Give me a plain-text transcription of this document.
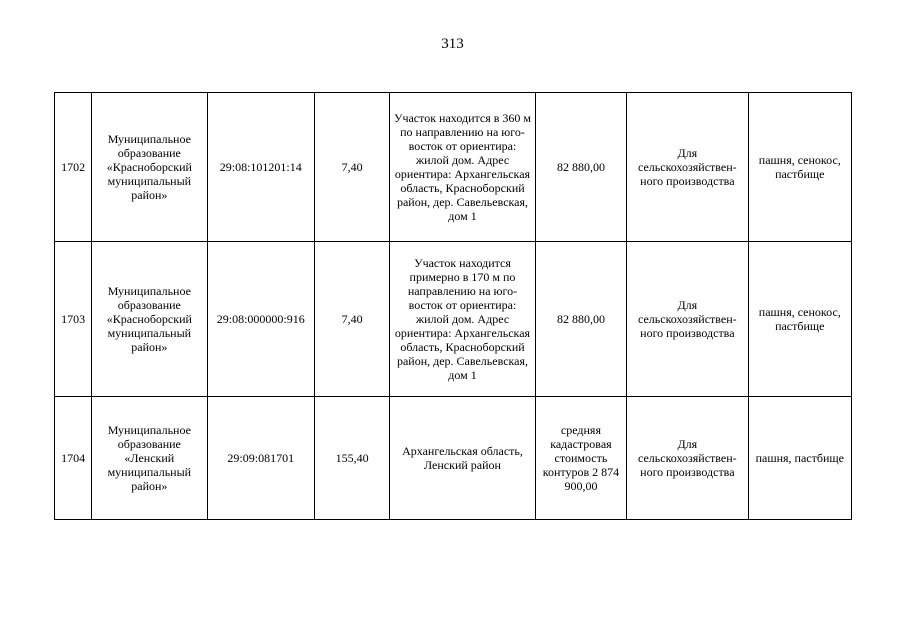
313
1702	Муниципальное образование «Красноборский муниципальный район»	29:08:101201:14	7,40	Участок находится в 360 м по направлению на юго-восток от ориентира: жилой дом. Адрес ориентира: Архангельская область, Красноборский район, дер. Савельевская, дом 1	82 880,00	Для сельскохозяйствен-ного производства	пашня, сенокос, пастбище
1703	Муниципальное образование «Красноборский муниципальный район»	29:08:000000:916	7,40	Участок находится примерно в 170 м по направлению на юго-восток от ориентира: жилой дом. Адрес ориентира: Архангельская область, Красноборский район, дер. Савельевская, дом 1	82 880,00	Для сельскохозяйствен-ного производства	пашня, сенокос, пастбище
1704	Муниципальное образование «Ленский муниципальный район»	29:09:081701	155,40	Архангельская область, Ленский район	средняя кадастровая стоимость контуров 2 874 900,00	Для сельскохозяйствен-ного производства	пашня, пастбище
